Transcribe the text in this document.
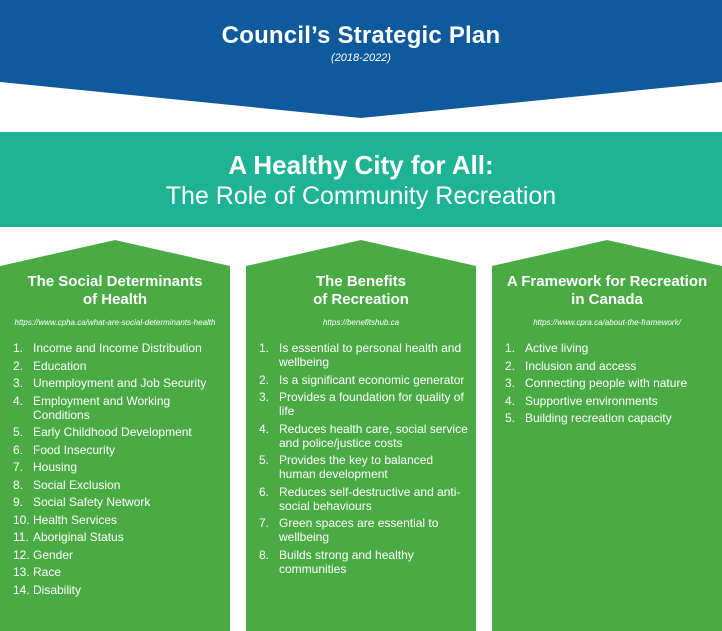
Council’s Strategic Plan
(2018-2022)
A Healthy City for All:
The Role of Community Recreation
The Social Determinants
of Health
https://www.cpha.ca/what-are-social-determinants-health
1. Income and Income Distribution
2. Education
3. Unemployment and Job Security
4. Employment and Working Conditions
5. Early Childhood Development
6. Food Insecurity
7. Housing
8. Social Exclusion
9. Social Safety Network
10. Health Services
11. Aboriginal Status
12. Gender
13. Race
14. Disability
The Benefits
of Recreation
https://benefitshub.ca
1. Is essential to personal health and wellbeing
2. Is a significant economic generator
3. Provides a foundation for quality of life
4. Reduces health care, social service and police/justice costs
5. Provides the key to balanced human development
6. Reduces self-destructive and anti-social behaviours
7. Green spaces are essential to wellbeing
8. Builds strong and healthy communities
A Framework for Recreation
in Canada
https://www.cpra.ca/about-the-framework/
1. Active living
2. Inclusion and access
3. Connecting people with nature
4. Supportive environments
5. Building recreation capacity
